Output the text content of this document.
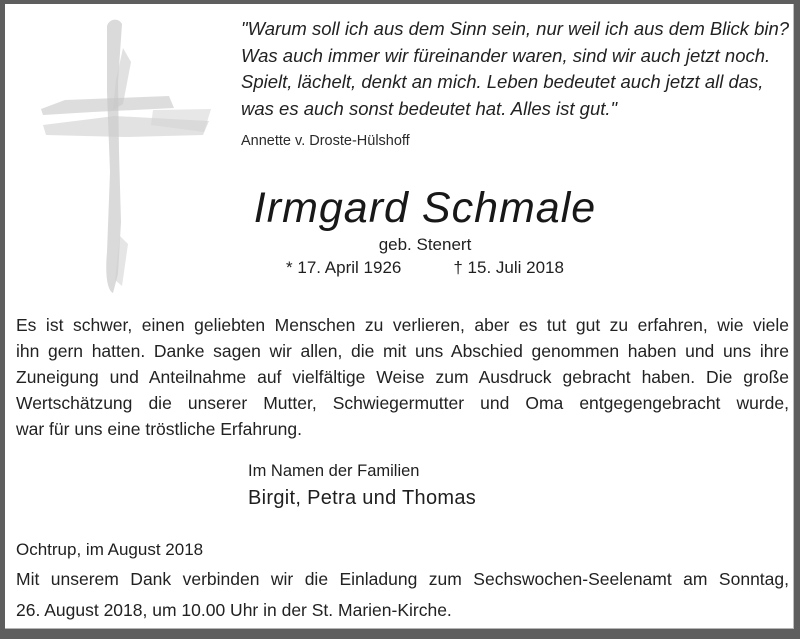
"Warum soll ich aus dem Sinn sein, nur weil ich aus dem Blick bin?
Was auch immer wir füreinander waren, sind wir auch jetzt noch.
Spielt, lächelt, denkt an mich. Leben bedeutet auch jetzt all das,
was es auch sonst bedeutet hat. Alles ist gut."
Annette v. Droste-Hülshoff
Irmgard Schmale
geb. Stenert
* 17. April 1926	† 15. Juli 2018
Es ist schwer, einen geliebten Menschen zu verlieren, aber es tut gut zu erfahren, wie viele
ihn gern hatten. Danke sagen wir allen, die mit uns Abschied genommen haben und uns ihre
Zuneigung und Anteilnahme auf vielfältige Weise zum Ausdruck gebracht haben. Die große
Wertschätzung die unserer Mutter, Schwiegermutter und Oma entgegengebracht wurde,
war für uns eine tröstliche Erfahrung.
Im Namen der Familien
Birgit, Petra und Thomas
Ochtrup, im August 2018
Mit unserem Dank verbinden wir die Einladung zum Sechswochen-Seelenamt am Sonntag,
26. August 2018, um 10.00 Uhr in der St. Marien-Kirche.
